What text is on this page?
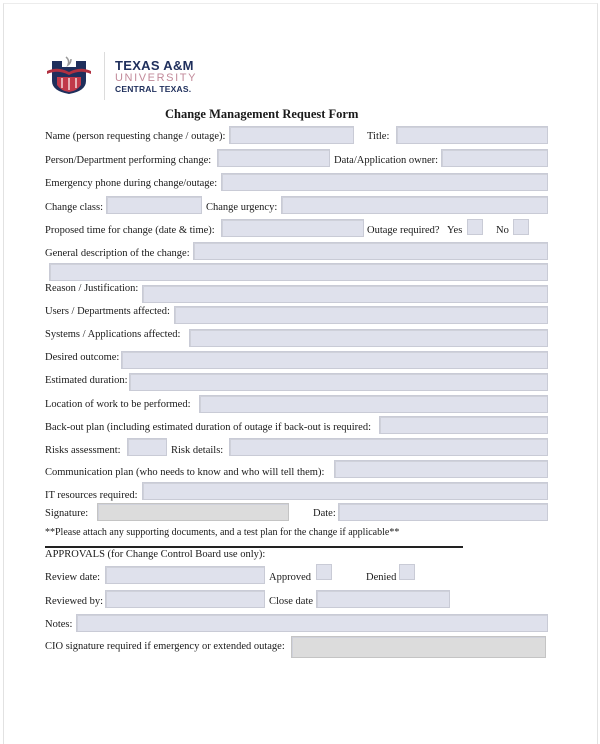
TEXAS A&M
UNIVERSITY
CENTRAL TEXAS.
Change Management Request Form
Name (person requesting change / outage):	Title:
Person/Department performing change:	Data/Application owner:
Emergency phone during change/outage:
Change class:	Change urgency:
Proposed time for change (date & time):	Outage required? Yes	No
General description of the change:
Reason / Justification:
Users / Departments affected:
Systems / Applications affected:
Desired outcome:
Estimated duration:
Location of work to be performed:
Back-out plan (including estimated duration of outage if back-out is required:
Risks assessment:	Risk details:
Communication plan (who needs to know and who will tell them):
IT resources required:
Signature:	Date:
**Please attach any supporting documents, and a test plan for the change if applicable**
APPROVALS (for Change Control Board use only):
Review date:	Approved	Denied
Reviewed by:	Close date
Notes:
CIO signature required if emergency or extended outage:
